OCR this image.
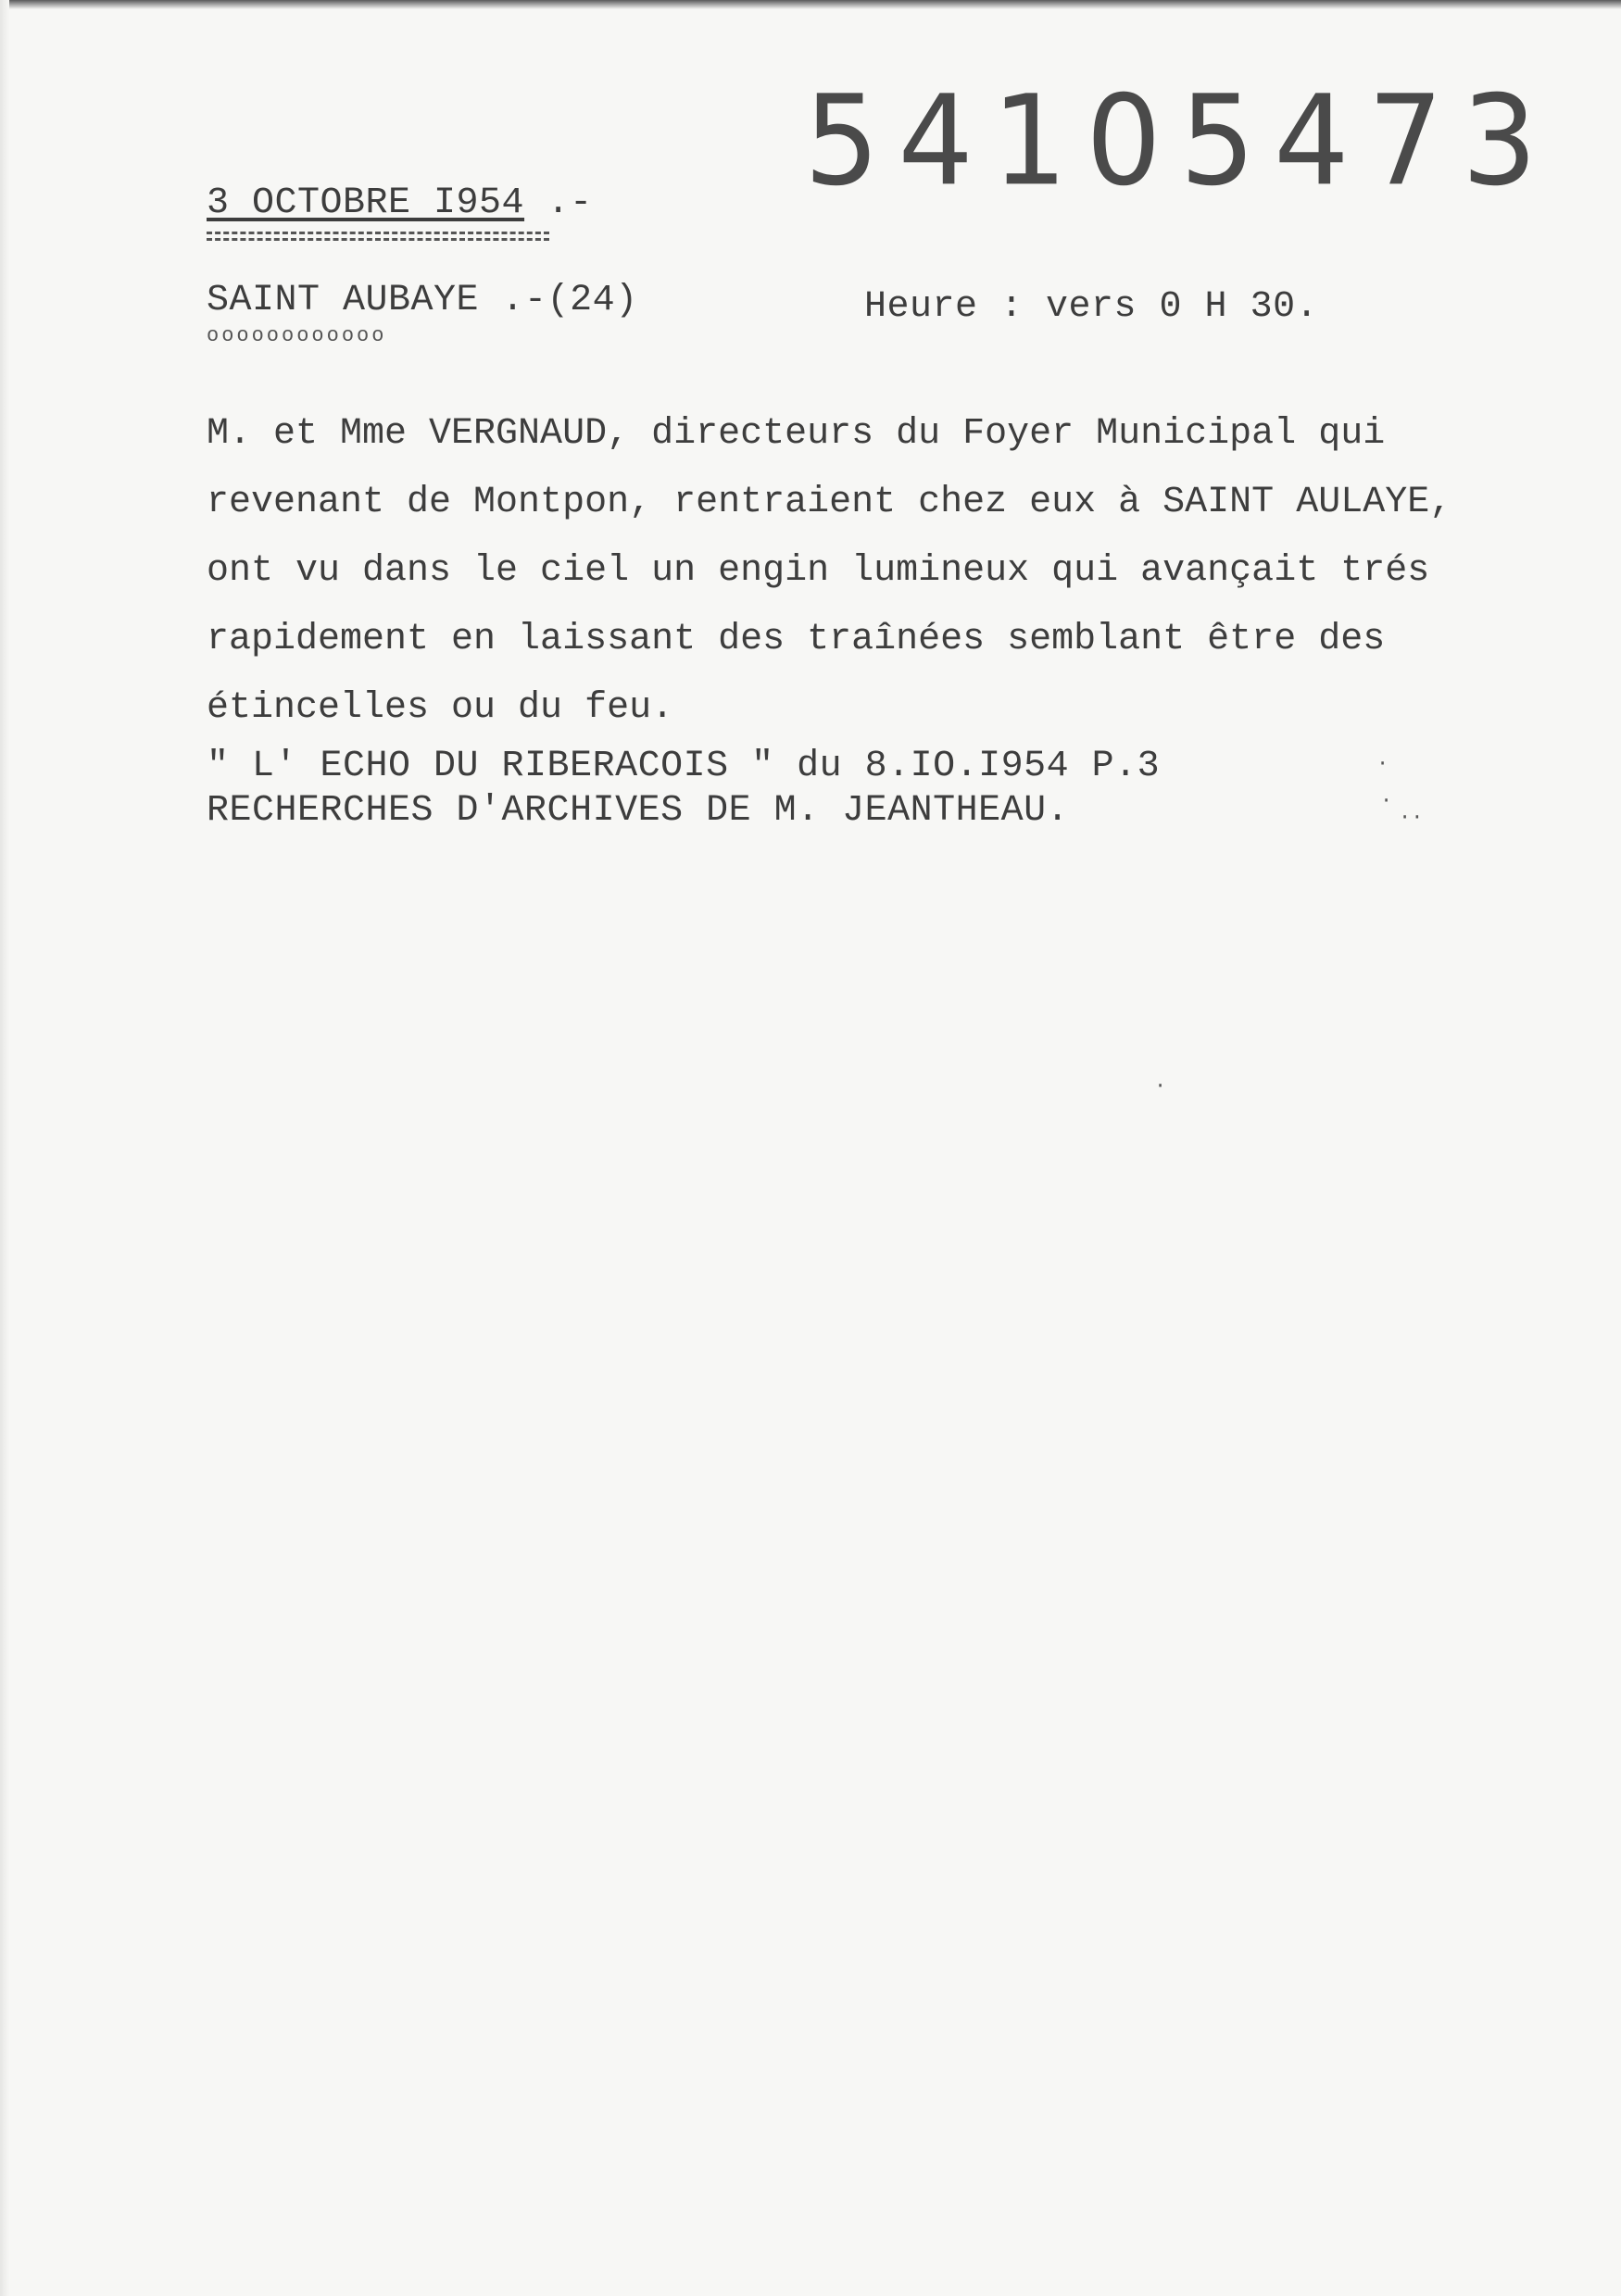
54105473
3 OCTOBRE I954 .-
SAINT AUBAYE .-(24)
oooooooooooo
Heure : vers 0 H 30.
M. et Mme VERGNAUD, directeurs du Foyer Municipal qui
revenant de Montpon, rentraient chez eux à SAINT AULAYE,
ont vu dans le ciel un engin lumineux qui avançait trés
rapidement en laissant des traînées semblant être des
étincelles ou du feu.
" L' ECHO DU RIBERACOIS " du 8.IO.I954 P.3
RECHERCHES D'ARCHIVES DE M. JEANTHEAU.
·
·
··
·
